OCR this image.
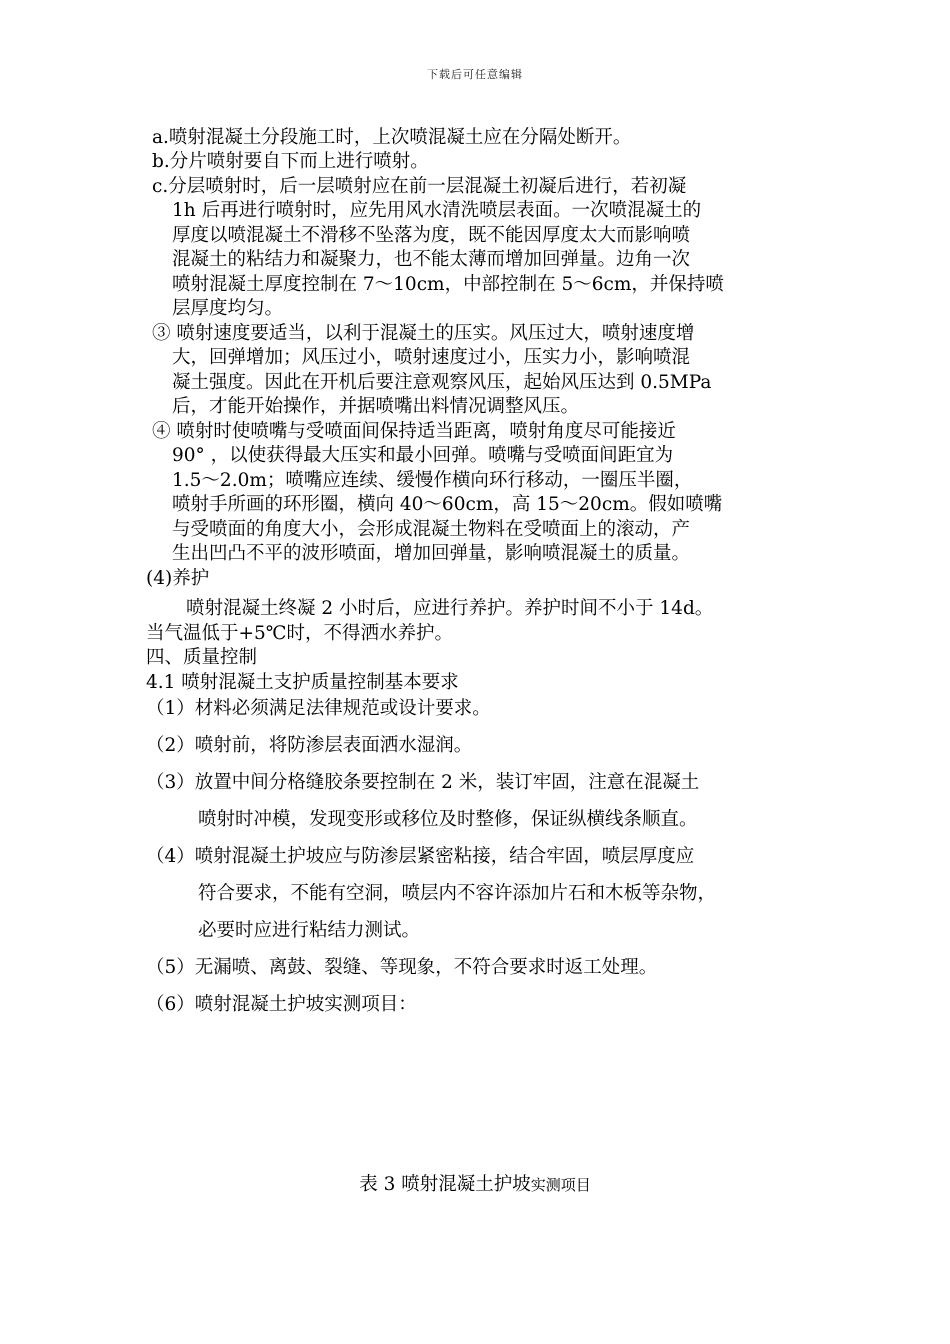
下载后可任意编辑
a.喷射混凝土分段施工时，上次喷混凝土应在分隔处断开。
b.分片喷射要自下而上进行喷射。
c.分层喷射时，后一层喷射应在前一层混凝土初凝后进行，若初凝
1h 后再进行喷射时，应先用风水清洗喷层表面。一次喷混凝土的
厚度以喷混凝土不滑移不坠落为度，既不能因厚度太大而影响喷
混凝土的粘结力和凝聚力，也不能太薄而增加回弹量。边角一次
喷射混凝土厚度控制在 7～10cm，中部控制在 5～6cm，并保持喷
层厚度均匀。
③ 喷射速度要适当，以利于混凝土的压实。风压过大，喷射速度增
大，回弹增加；风压过小，喷射速度过小，压实力小，影响喷混
凝土强度。因此在开机后要注意观察风压，起始风压达到 0.5MPa
后，才能开始操作，并据喷嘴出料情况调整风压。
④ 喷射时使喷嘴与受喷面间保持适当距离，喷射角度尽可能接近
90° ，以使获得最大压实和最小回弹。喷嘴与受喷面间距宜为
1.5～2.0m；喷嘴应连续、缓慢作横向环行移动，一圈压半圈，
喷射手所画的环形圈，横向 40～60cm，高 15～20cm。假如喷嘴
与受喷面的角度大小，会形成混凝土物料在受喷面上的滚动，产
生出凹凸不平的波形喷面，增加回弹量，影响喷混凝土的质量。
(4)养护
喷射混凝土终凝 2 小时后，应进行养护。养护时间不小于 14d。
当气温低于+5℃时，不得洒水养护。
四、质量控制
4.1 喷射混凝土支护质量控制基本要求
（1）材料必须满足法律规范或设计要求。
（2）喷射前，将防渗层表面洒水湿润。
（3）放置中间分格缝胶条要控制在 2 米，装订牢固，注意在混凝土
喷射时冲模，发现变形或移位及时整修，保证纵横线条顺直。
（4）喷射混凝土护坡应与防渗层紧密粘接，结合牢固，喷层厚度应
符合要求，不能有空洞，喷层内不容许添加片石和木板等杂物，
必要时应进行粘结力测试。
（5）无漏喷、离鼓、裂缝、等现象，不符合要求时返工处理。
（6）喷射混凝土护坡实测项目：
表 3 喷射混凝土护坡实测项目
